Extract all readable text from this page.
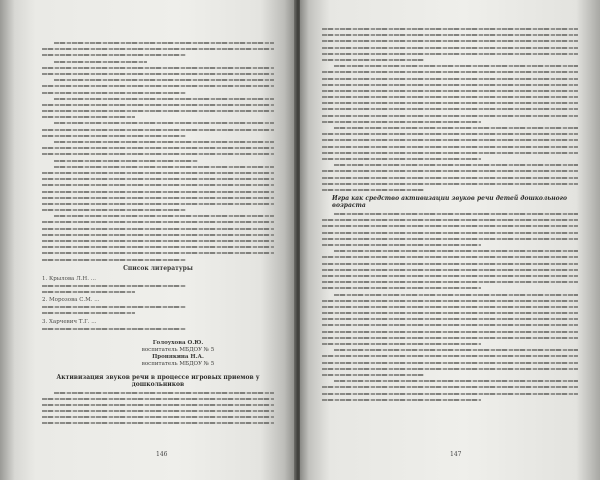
Список литературы
1. Крылова Л.Н. ...
2. Морозова С.М. ...
3. Харчевич Т.Г. ...
Голоухова О.Ю.
воспитатель МБДОУ № 5
Пронякина Н.А.
воспитатель МБДОУ № 5
Активизация звуков речи в процессе игровых приемов у дошкольников
146
Игра как средство активизации звуков речи детей дошкольного возраста
147
